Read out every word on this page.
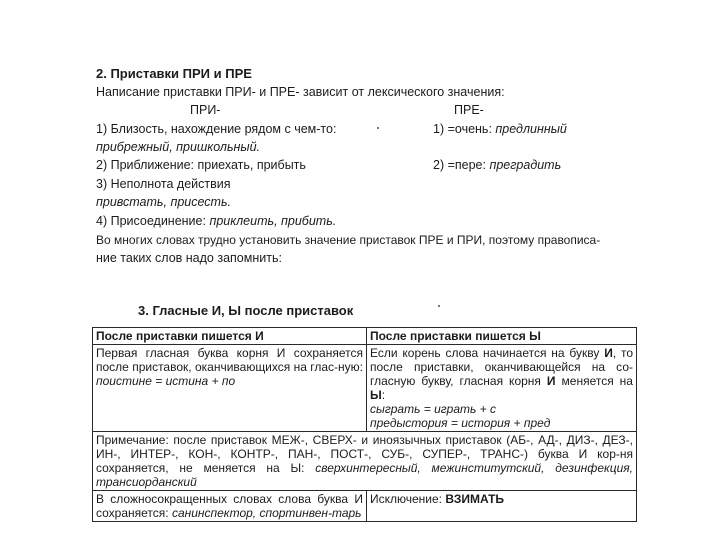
2. Приставки ПРИ и ПРЕ
Написание приставки ПРИ- и ПРЕ- зависит от лексического значения:
ПРИ-	ПРЕ-
1) Близость, нахождение рядом с чем-то:	1) =очень: предлинный
прибрежный, пришкольный.
2) Приближение: приехать, прибыть	2) =пере: преградить
3) Неполнота действия
привстать, присесть.
4) Присоединение: приклеить, прибить.
Во многих словах трудно установить значение приставок ПРЕ и ПРИ, поэтому правописа-
ние таких слов надо запомнить:
3. Гласные И, Ы после приставок
После приставки пишется И	После приставки пишется Ы
Первая гласная буква корня И сохраняется после приставок, оканчивающихся на глас-ную: поистине = истина + по	Если корень слова начинается на букву И, то после приставки, оканчивающейся на со-гласную букву, гласная корня И меняется на Ы:
сыграть = играть + с
предыстория = история + пред

Примечание: после приставок МЕЖ-, СВЕРХ- и иноязычных приставок (АБ-, АД-, ДИЗ-, ДЕЗ-, ИН-, ИНТЕР-, КОН-, КОНТР-, ПАН-, ПОСТ-, СУБ-, СУПЕР-, ТРАНС-) буква И кор-ня сохраняется, не меняется на Ы: сверхинтересный, межинститутский, дезинфекция, трансиорданский	
В сложносокращенных словах слова буква И сохраняется: санинспектор, спортинвен-тарь	Исключение: ВЗИМАТЬ
